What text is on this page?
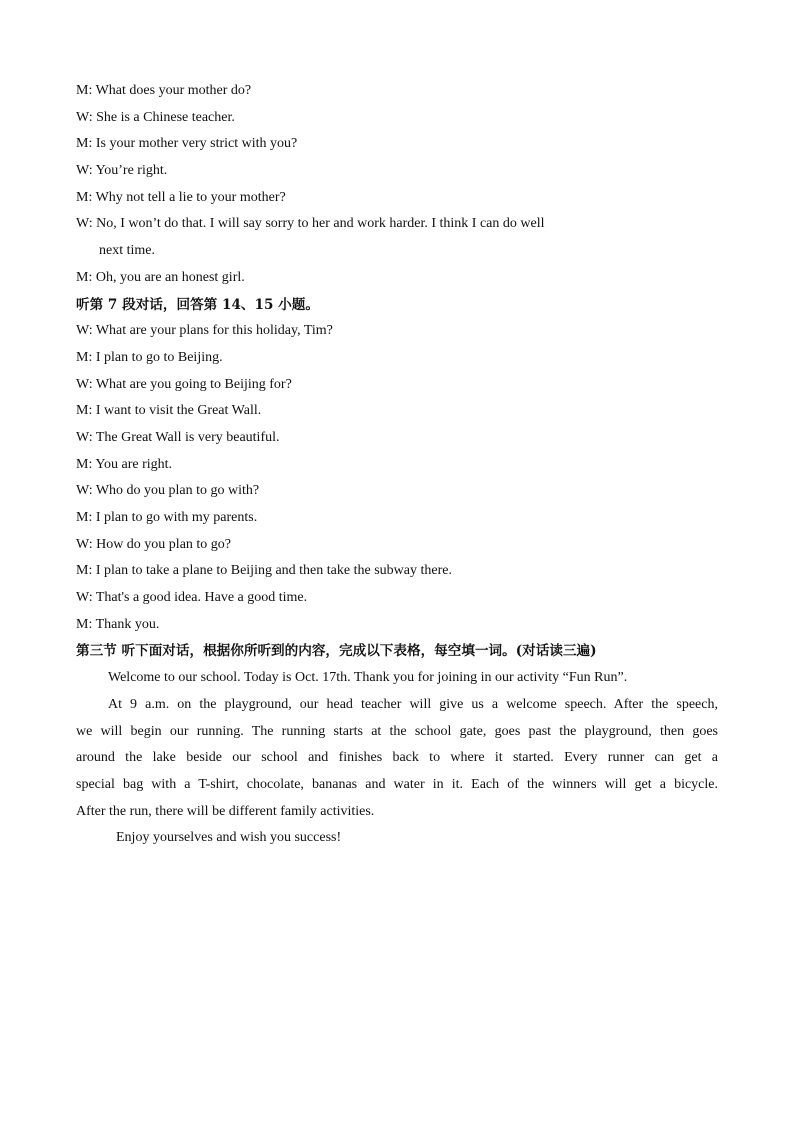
M: What does your mother do?
W: She is a Chinese teacher.
M: Is your mother very strict with you?
W: You’re right.
M: Why not tell a lie to your mother?
W: No, I won’t do that. I will say sorry to her and work harder. I think I can do well
next time.
M: Oh, you are an honest girl.
听第 7 段对话，回答第 14、15 小题。
W: What are your plans for this holiday, Tim?
M: I plan to go to Beijing.
W: What are you going to Beijing for?
M: I want to visit the Great Wall.
W: The Great Wall is very beautiful.
M: You are right.
W: Who do you plan to go with?
M: I plan to go with my parents.
W: How do you plan to go?
M: I plan to take a plane to Beijing and then take the subway there.
W: That's a good idea. Have a good time.
M: Thank you.
第三节 听下面对话，根据你所听到的内容，完成以下表格，每空填一词。(对话读三遍)
Welcome to our school. Today is Oct. 17th. Thank you for joining in our activity “Fun Run”.
At 9 a.m. on the playground, our head teacher will give us a welcome speech. After the speech,
we will begin our running. The running starts at the school gate, goes past the playground, then goes
around the lake beside our school and finishes back to where it started. Every runner can get a
special bag with a T-shirt, chocolate, bananas and water in it. Each of the winners will get a bicycle.
After the run, there will be different family activities.
Enjoy yourselves and wish you success!
